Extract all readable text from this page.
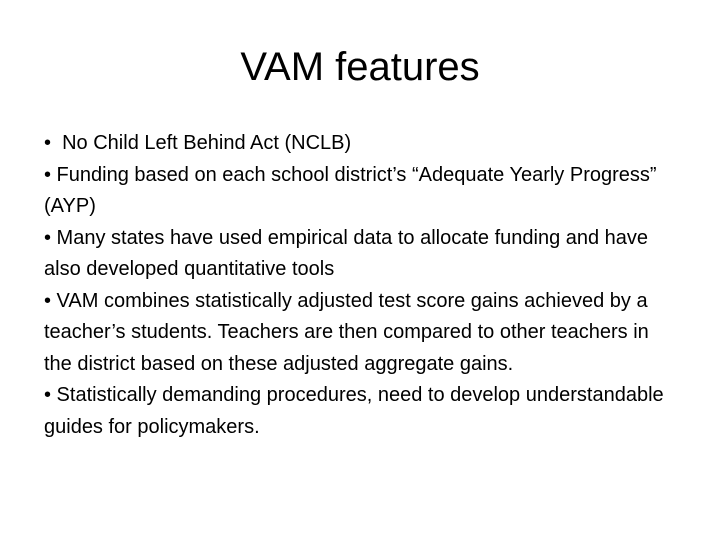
VAM features

•  No Child Left Behind Act (NCLB)

• Funding based on each school district’s “Adequate Yearly Progress” (AYP)

• Many states have used empirical data to allocate funding and have also developed quantitative tools

• VAM combines statistically adjusted test score gains achieved by a teacher’s students. Teachers are then compared to other teachers in the district based on these adjusted aggregate gains.

• Statistically demanding procedures, need to develop understandable guides for policymakers.
